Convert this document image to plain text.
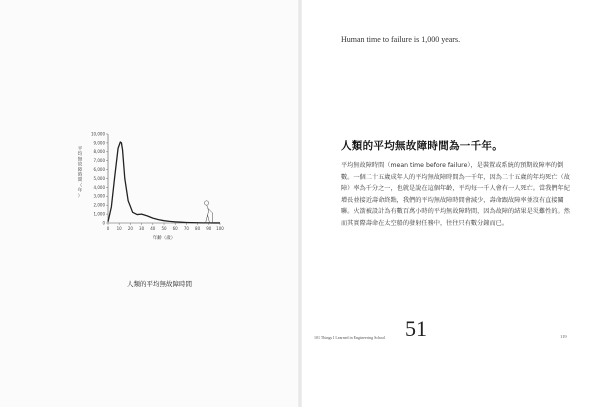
Human time to failure is 1,000 years.
人類的平均無故障時間為一千年。

平均無故障時間（mean time before failure），是裝置或系統的預期故障率的倒數。一個二十五歲成年人的平均無故障時間為一千年，因為二十五歲的年均死亡（故障）率為千分之一，也就是說在這個年齡，平均每一千人會有一人死亡。當我們年紀增長並接近壽命終點，我們的平均無故障時間會減少，壽命跟故障率並沒有直接關聯。火箭被設計為有數百萬小時的平均無故障時間，因為故障的結果是災難性的。然而其實際壽命在太空船的發射任務中，往往只有數分鐘而已。

0
1,000
2,000
3,000
4,000
5,000
6,000
7,000
8,000
9,000
10,000
0 10 20 30 40 50 60 70 80 90 100
年齡（歲）
平
均
無
故
障
時
間
（
年
）
人類的平均無故障時間
101 Things I Learned in Engineering School 51	119
